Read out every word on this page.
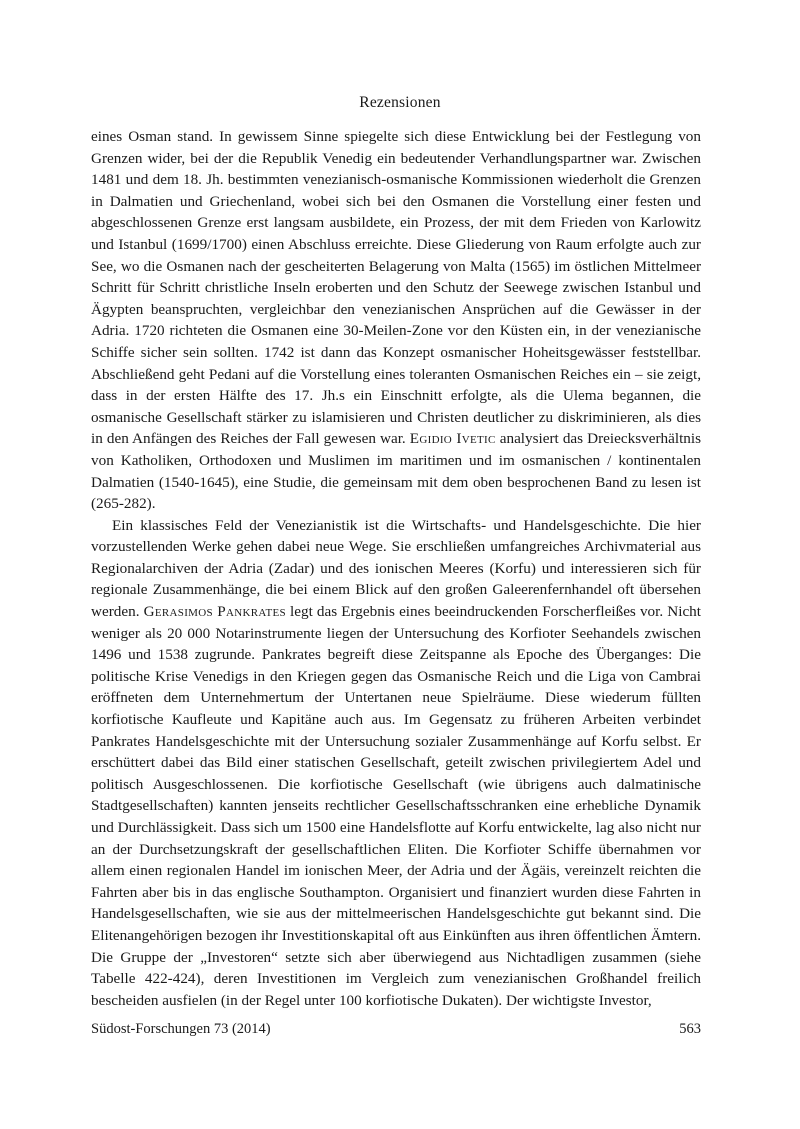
Rezensionen

eines Osman stand. In gewissem Sinne spiegelte sich diese Entwicklung bei der Festlegung von Grenzen wider, bei der die Republik Venedig ein bedeutender Verhandlungspartner war. Zwischen 1481 und dem 18. Jh. bestimmten venezianisch-osmanische Kommissionen wiederholt die Grenzen in Dalmatien und Griechenland, wobei sich bei den Osmanen die Vorstellung einer festen und abgeschlossenen Grenze erst langsam ausbildete, ein Prozess, der mit dem Frieden von Karlowitz und Istanbul (1699/1700) einen Abschluss erreichte. Diese Gliederung von Raum erfolgte auch zur See, wo die Osmanen nach der gescheiterten Belagerung von Malta (1565) im östlichen Mittelmeer Schritt für Schritt christliche Inseln eroberten und den Schutz der Seewege zwischen Istanbul und Ägypten beanspruchten, vergleichbar den venezianischen Ansprüchen auf die Gewässer in der Adria. 1720 richteten die Osmanen eine 30-Meilen-Zone vor den Küsten ein, in der venezianische Schiffe sicher sein sollten. 1742 ist dann das Konzept osmanischer Hoheitsgewässer feststellbar. Abschließend geht Pedani auf die Vorstellung eines toleranten Osmanischen Reiches ein – sie zeigt, dass in der ersten Hälfte des 17. Jh.s ein Einschnitt erfolgte, als die Ulema begannen, die osmanische Gesellschaft stärker zu islamisieren und Christen deutlicher zu diskriminieren, als dies in den Anfängen des Reiches der Fall gewesen war. Egidio Ivetic analysiert das Dreiecksverhältnis von Katholiken, Orthodoxen und Muslimen im maritimen und im osmanischen / kontinentalen Dalmatien (1540-1645), eine Studie, die gemeinsam mit dem oben besprochenen Band zu lesen ist (265-282).

Ein klassisches Feld der Venezianistik ist die Wirtschafts- und Handelsgeschichte. Die hier vorzustellenden Werke gehen dabei neue Wege. Sie erschließen umfangreiches Archivmaterial aus Regionalarchiven der Adria (Zadar) und des ionischen Meeres (Korfu) und interessieren sich für regionale Zusammenhänge, die bei einem Blick auf den großen Galeerenfernhandel oft übersehen werden. Gerasimos Pankrates legt das Ergebnis eines beeindruckenden Forscherfleißes vor. Nicht weniger als 20 000 Notarinstrumente liegen der Untersuchung des Korfioter Seehandels zwischen 1496 und 1538 zugrunde. Pankrates begreift diese Zeitspanne als Epoche des Überganges: Die politische Krise Venedigs in den Kriegen gegen das Osmanische Reich und die Liga von Cambrai eröffneten dem Unternehmertum der Untertanen neue Spielräume. Diese wiederum füllten korfiotische Kaufleute und Kapitäne auch aus. Im Gegensatz zu früheren Arbeiten verbindet Pankrates Handelsgeschichte mit der Untersuchung sozialer Zusammenhänge auf Korfu selbst. Er erschüttert dabei das Bild einer statischen Gesellschaft, geteilt zwischen privilegiertem Adel und politisch Ausgeschlossenen. Die korfiotische Gesellschaft (wie übrigens auch dalmatinische Stadtgesellschaften) kannten jenseits rechtlicher Gesellschaftsschranken eine erhebliche Dynamik und Durchlässigkeit. Dass sich um 1500 eine Handelsflotte auf Korfu entwickelte, lag also nicht nur an der Durchsetzungskraft der gesellschaftlichen Eliten. Die Korfioter Schiffe übernahmen vor allem einen regionalen Handel im ionischen Meer, der Adria und der Ägäis, vereinzelt reichten die Fahrten aber bis in das englische Southampton. Organisiert und finanziert wurden diese Fahrten in Handelsgesellschaften, wie sie aus der mittelmeerischen Handelsgeschichte gut bekannt sind. Die Elitenangehörigen bezogen ihr Investitionskapital oft aus Einkünften aus ihren öffentlichen Ämtern. Die Gruppe der „Investoren“ setzte sich aber überwiegend aus Nichtadligen zusammen (siehe Tabelle 422-424), deren Investitionen im Vergleich zum venezianischen Großhandel freilich bescheiden ausfielen (in der Regel unter 100 korfiotische Dukaten). Der wichtigste Investor,

Südost-Forschungen 73 (2014)	563
